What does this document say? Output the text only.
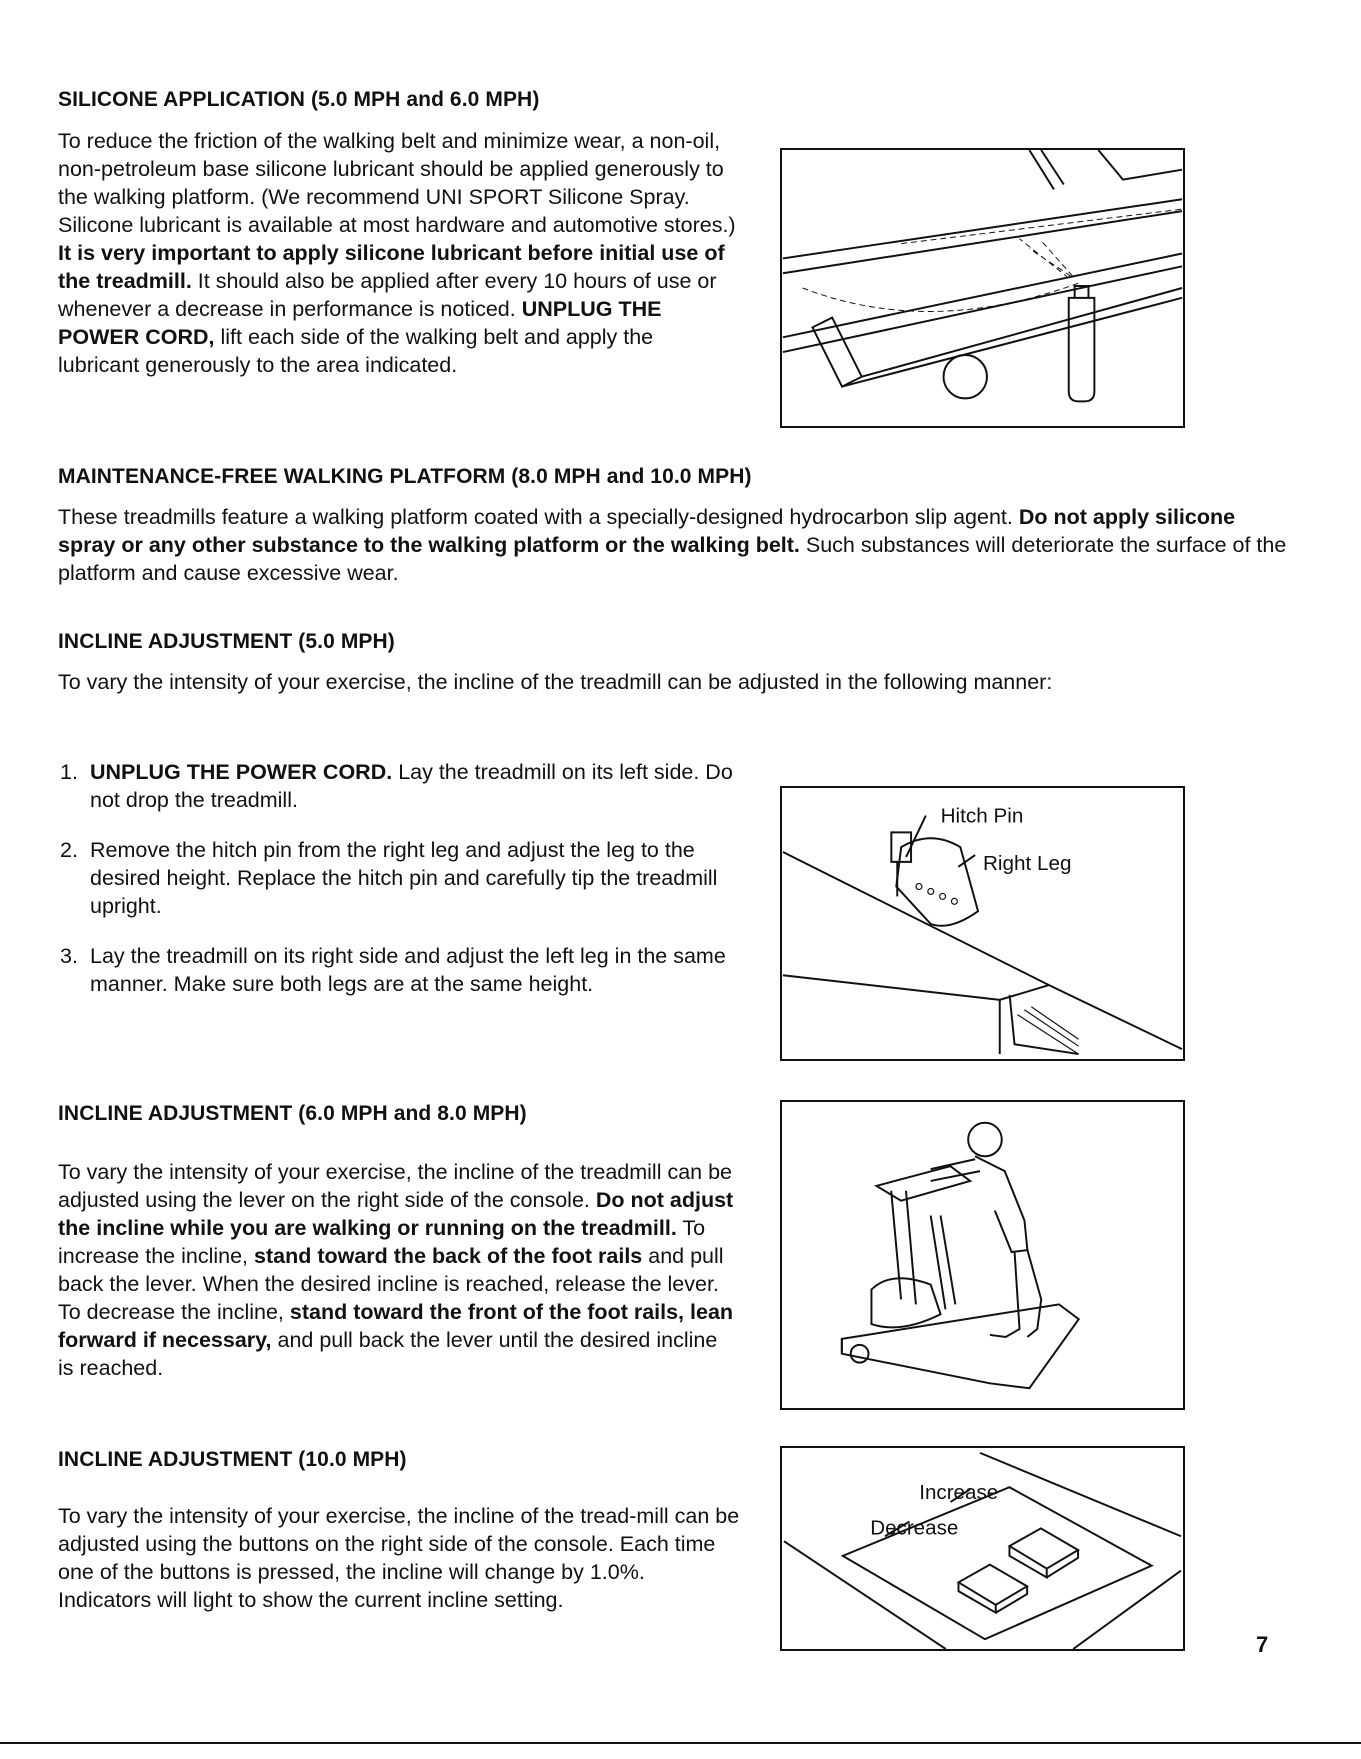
SILICONE APPLICATION (5.0 MPH and 6.0 MPH)

To reduce the friction of the walking belt and minimize wear, a non-oil, non-petroleum base silicone lubricant should be applied generously to the walking platform. (We recommend UNI SPORT Silicone Spray. Silicone lubricant is available at most hardware and automotive stores.) It is very important to apply silicone lubricant before initial use of the treadmill. It should also be applied after every 10 hours of use or whenever a decrease in performance is noticed. UNPLUG THE POWER CORD, lift each side of the walking belt and apply the lubricant generously to the area indicated.

MAINTENANCE-FREE WALKING PLATFORM (8.0 MPH and 10.0 MPH)

These treadmills feature a walking platform coated with a specially-designed hydrocarbon slip agent. Do not apply silicone spray or any other substance to the walking platform or the walking belt. Such substances will deteriorate the surface of the platform and cause excessive wear.

INCLINE ADJUSTMENT (5.0 MPH)

To vary the intensity of your exercise, the incline of the treadmill can be adjusted in the following manner:

1. UNPLUG THE POWER CORD. Lay the treadmill on its left side. Do not drop the treadmill.
2. Remove the hitch pin from the right leg and adjust the leg to the desired height. Replace the hitch pin and carefully tip the treadmill upright.
3. Lay the treadmill on its right side and adjust the left leg in the same manner. Make sure both legs are at the same height.
Hitch Pin
Right Leg
INCLINE ADJUSTMENT (6.0 MPH and 8.0 MPH)

To vary the intensity of your exercise, the incline of the treadmill can be adjusted using the lever on the right side of the console. Do not adjust the incline while you are walking or running on the treadmill. To increase the incline, stand toward the back of the foot rails and pull back the lever. When the desired incline is reached, release the lever. To decrease the incline, stand toward the front of the foot rails, lean forward if necessary, and pull back the lever until the desired incline is reached.

INCLINE ADJUSTMENT (10.0 MPH)

To vary the intensity of your exercise, the incline of the tread-mill can be adjusted using the buttons on the right side of the console. Each time one of the buttons is pressed, the incline will change by 1.0%. Indicators will light to show the current incline setting.

Increase
Decrease
7
